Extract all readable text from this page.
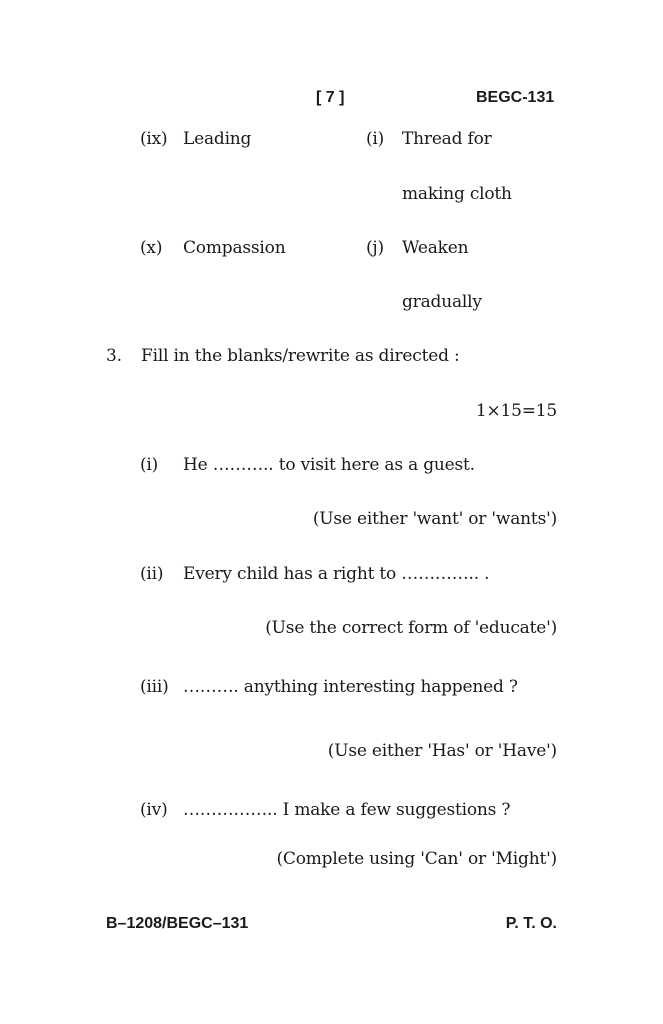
[ 7 ]	BEGC-131
(ix) Leading	(i) Thread for
making cloth
(x) Compassion	(j) Weaken
gradually
3. Fill in the blanks/rewrite as directed :
1×15=15
(i) He ……….. to visit here as a guest.
(Use either 'want' or 'wants')
(ii) Every child has a right to ………….. .
(Use the correct form of 'educate')
(iii) ………. anything interesting happened ?
(Use either 'Has' or 'Have')
(iv) …………….. I make a few suggestions ?
(Complete using 'Can' or 'Might')
B–1208/BEGC–131	P. T. O.
